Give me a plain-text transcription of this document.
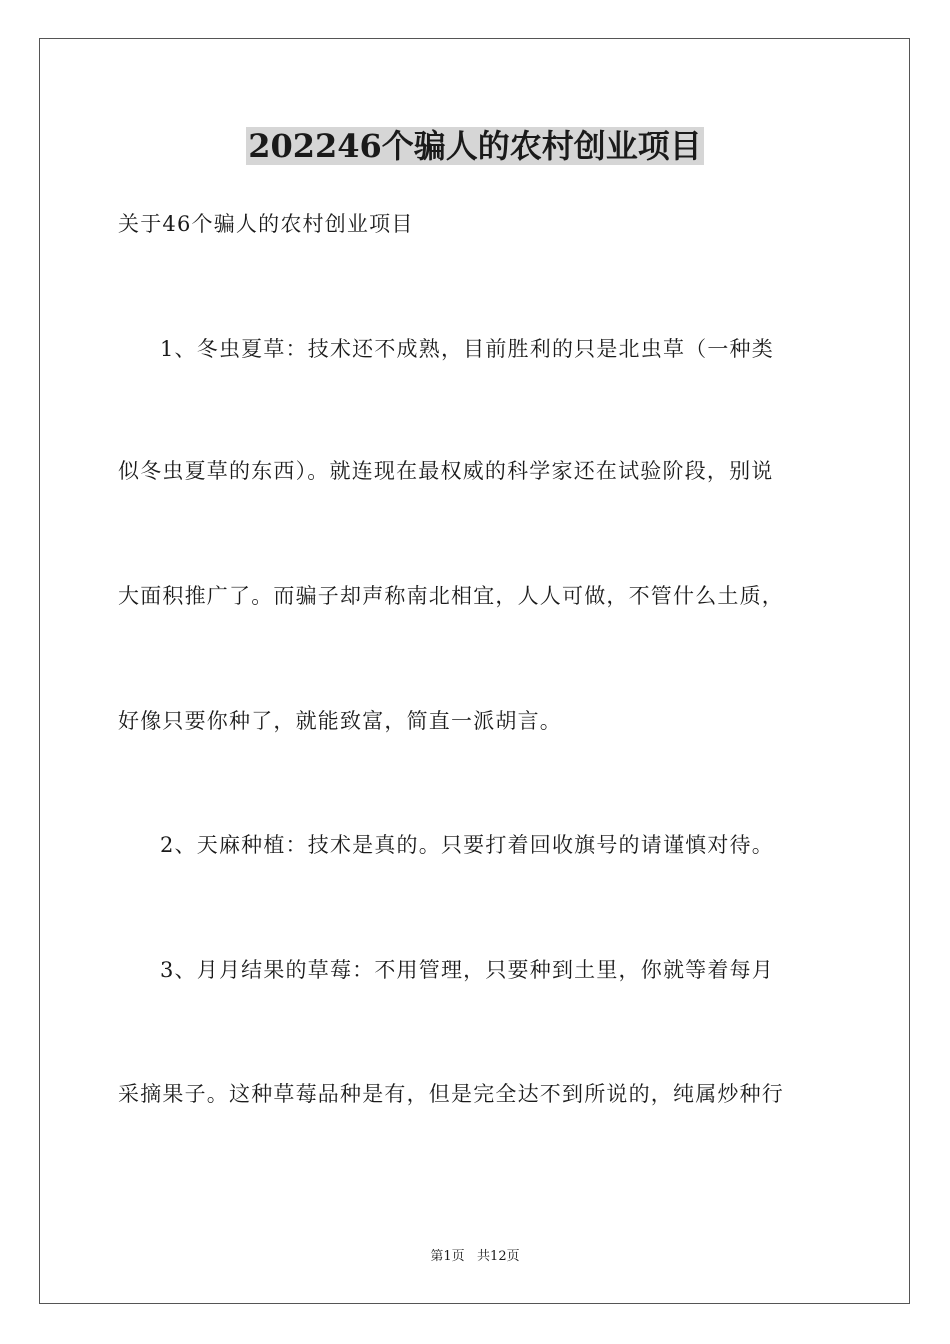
202246个骗人的农村创业项目

关于46个骗人的农村创业项目

1、冬虫夏草：技术还不成熟，目前胜利的只是北虫草（一种类

似冬虫夏草的东西）。就连现在最权威的科学家还在试验阶段，别说

大面积推广了。而骗子却声称南北相宜，人人可做，不管什么土质，

好像只要你种了，就能致富，简直一派胡言。

2、天麻种植：技术是真的。只要打着回收旗号的请谨慎对待。

3、月月结果的草莓：不用管理，只要种到土里，你就等着每月

采摘果子。这种草莓品种是有，但是完全达不到所说的，纯属炒种行

第1页   共12页
